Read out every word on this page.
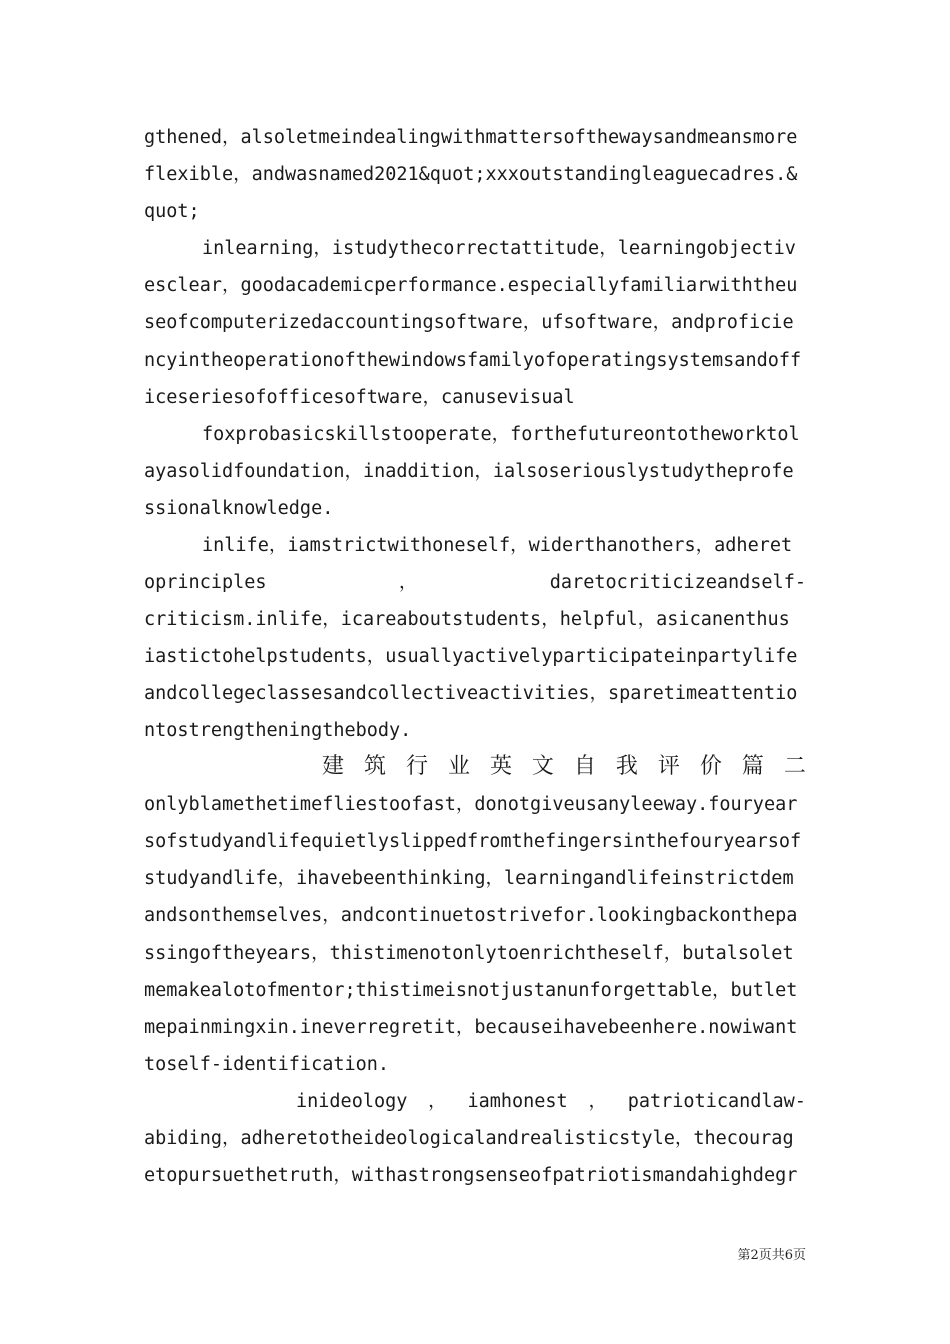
gthened，alsoletmeindealingwithmattersofthewaysandmeansmore
flexible，andwasnamed2021&quot;xxxoutstandingleaguecadres.&
quot;
inlearning，istudythecorrectattitude，learningobjectiv
esclear，goodacademicperformance.especiallyfamiliarwiththeu
seofcomputerizedaccountingsoftware，ufsoftware，andproficie
ncyintheoperationofthewindowsfamilyofoperatingsystemsandoff
iceseriesofofficesoftware，canusevisual
foxprobasicskillstooperate，forthefutureontotheworktol
ayasolidfoundation，inaddition，ialsoseriouslystudytheprofe
ssionalknowledge.
inlife，iamstrictwithoneself，widerthanothers，adheret
oprinciples	，	daretocriticizeandself-
criticism.inlife，icareaboutstudents，helpful，asicanenthus
iastictohelpstudents，usuallyactivelyparticipateinpartylife
andcollegeclassesandcollectiveactivities，sparetimeattentio
ntostrengtheningthebody.
建 筑 行 业 英 文 自 我 评 价 篇 二
onlyblamethetimefliestoofast，donotgiveusanyleeway.fouryear
sofstudyandlifequietlyslippedfromthefingersinthefouryearsof
studyandlife，ihavebeenthinking，learningandlifeinstrictdem
andsonthemselves，andcontinuetostrivefor.lookingbackonthepa
ssingoftheyears，thistimenotonlytoenrichtheself，butalsolet
memakealotofmentor;thistimeisnotjustanunforgettable，butlet
mepainmingxin.ineverregretit，becauseihavebeenhere.nowiwant
toself-identification.
inideology ， iamhonest ， patrioticandlaw-
abiding，adheretotheideologicalandrealisticstyle，thecourag
etopursuethetruth，withastrongsenseofpatriotismandahighdegr
第2页共6页
